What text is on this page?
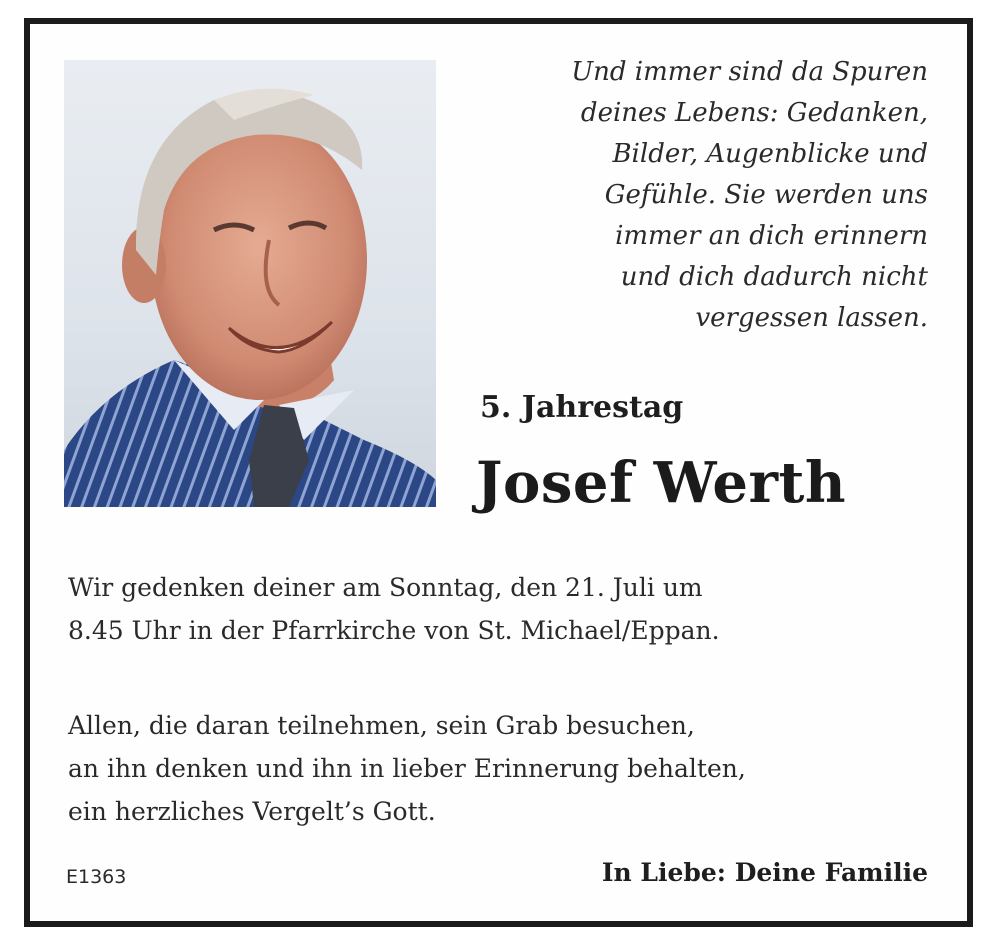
Und immer sind da Spuren
deines Lebens: Gedanken,
Bilder, Augenblicke und
Gefühle. Sie werden uns
immer an dich erinnern
und dich dadurch nicht
vergessen lassen.
5. Jahrestag
Josef Werth
Wir gedenken deiner am Sonntag, den 21. Juli um
8.45 Uhr in der Pfarrkirche von St. Michael/Eppan.
Allen, die daran teilnehmen, sein Grab besuchen,
an ihn denken und ihn in lieber Erinnerung behalten,
ein herzliches Vergelt’s Gott.
E1363	In Liebe: Deine Familie
